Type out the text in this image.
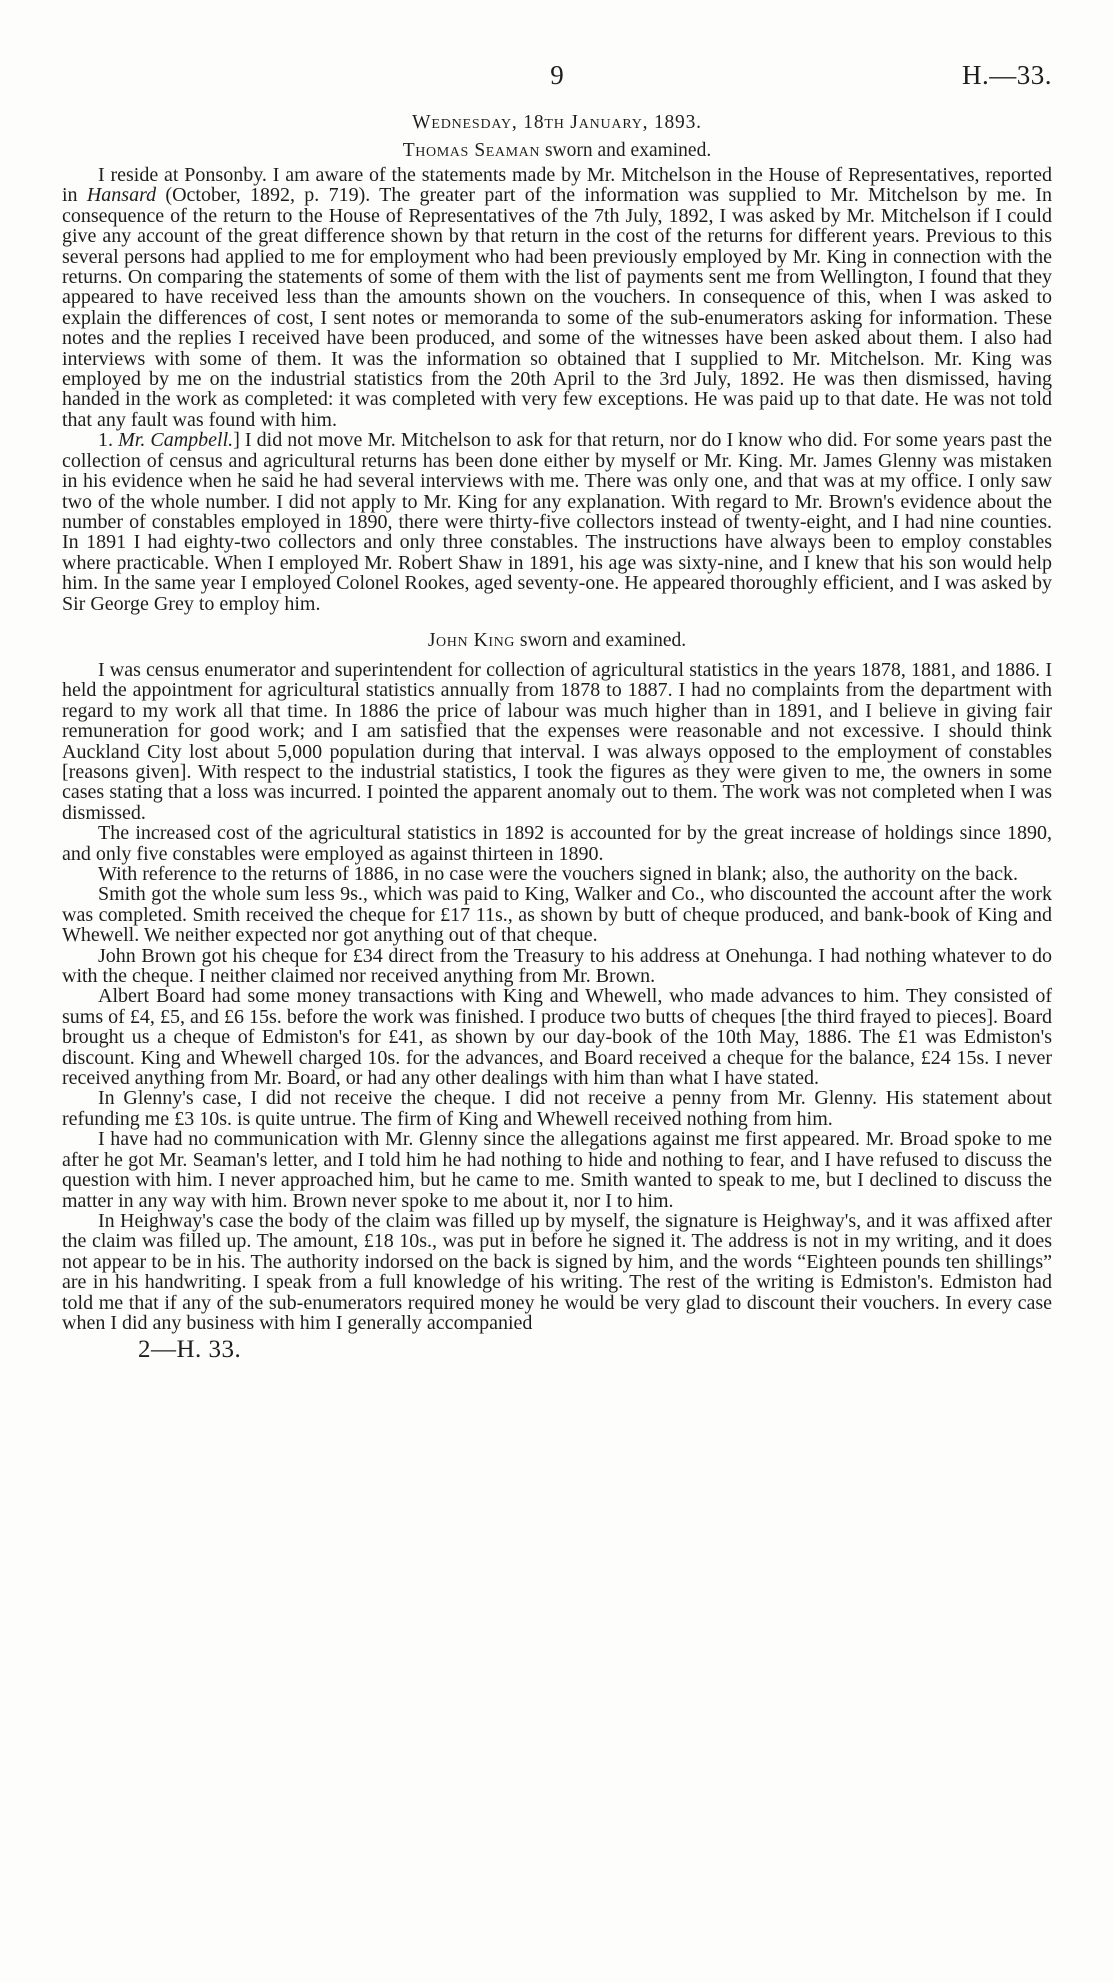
9	H.—33.
Wednesday, 18th January, 1893.
Thomas Seaman sworn and examined.

I reside at Ponsonby. I am aware of the statements made by Mr. Mitchelson in the House of Representatives, reported in Hansard (October, 1892, p. 719). The greater part of the information was supplied to Mr. Mitchelson by me. In consequence of the return to the House of Representatives of the 7th July, 1892, I was asked by Mr. Mitchelson if I could give any account of the great difference shown by that return in the cost of the returns for different years. Previous to this several persons had applied to me for employment who had been previously employed by Mr. King in connection with the returns. On comparing the statements of some of them with the list of payments sent me from Wellington, I found that they appeared to have received less than the amounts shown on the vouchers. In consequence of this, when I was asked to explain the differences of cost, I sent notes or memoranda to some of the sub-enumerators asking for information. These notes and the replies I received have been produced, and some of the witnesses have been asked about them. I also had interviews with some of them. It was the information so obtained that I supplied to Mr. Mitchelson. Mr. King was employed by me on the industrial statistics from the 20th April to the 3rd July, 1892. He was then dismissed, having handed in the work as completed: it was completed with very few exceptions. He was paid up to that date. He was not told that any fault was found with him.

1. Mr. Campbell.] I did not move Mr. Mitchelson to ask for that return, nor do I know who did. For some years past the collection of census and agricultural returns has been done either by myself or Mr. King. Mr. James Glenny was mistaken in his evidence when he said he had several interviews with me. There was only one, and that was at my office. I only saw two of the whole number. I did not apply to Mr. King for any explanation. With regard to Mr. Brown's evidence about the number of constables employed in 1890, there were thirty-five collectors instead of twenty-eight, and I had nine counties. In 1891 I had eighty-two collectors and only three constables. The instructions have always been to employ constables where practicable. When I employed Mr. Robert Shaw in 1891, his age was sixty-nine, and I knew that his son would help him. In the same year I employed Colonel Rookes, aged seventy-one. He appeared thoroughly efficient, and I was asked by Sir George Grey to employ him.

John King sworn and examined.

I was census enumerator and superintendent for collection of agricultural statistics in the years 1878, 1881, and 1886. I held the appointment for agricultural statistics annually from 1878 to 1887. I had no complaints from the department with regard to my work all that time. In 1886 the price of labour was much higher than in 1891, and I believe in giving fair remuneration for good work; and I am satisfied that the expenses were reasonable and not excessive. I should think Auckland City lost about 5,000 population during that interval. I was always opposed to the employment of constables [reasons given]. With respect to the industrial statistics, I took the figures as they were given to me, the owners in some cases stating that a loss was incurred. I pointed the apparent anomaly out to them. The work was not completed when I was dismissed.

The increased cost of the agricultural statistics in 1892 is accounted for by the great increase of holdings since 1890, and only five constables were employed as against thirteen in 1890.

With reference to the returns of 1886, in no case were the vouchers signed in blank; also, the authority on the back.

Smith got the whole sum less 9s., which was paid to King, Walker and Co., who discounted the account after the work was completed. Smith received the cheque for £17 11s., as shown by butt of cheque produced, and bank-book of King and Whewell. We neither expected nor got anything out of that cheque.

John Brown got his cheque for £34 direct from the Treasury to his address at Onehunga. I had nothing whatever to do with the cheque. I neither claimed nor received anything from Mr. Brown.

Albert Board had some money transactions with King and Whewell, who made advances to him. They consisted of sums of £4, £5, and £6 15s. before the work was finished. I produce two butts of cheques [the third frayed to pieces]. Board brought us a cheque of Edmiston's for £41, as shown by our day-book of the 10th May, 1886. The £1 was Edmiston's discount. King and Whewell charged 10s. for the advances, and Board received a cheque for the balance, £24 15s. I never received anything from Mr. Board, or had any other dealings with him than what I have stated.

In Glenny's case, I did not receive the cheque. I did not receive a penny from Mr. Glenny. His statement about refunding me £3 10s. is quite untrue. The firm of King and Whewell received nothing from him.

I have had no communication with Mr. Glenny since the allegations against me first appeared. Mr. Broad spoke to me after he got Mr. Seaman's letter, and I told him he had nothing to hide and nothing to fear, and I have refused to discuss the question with him. I never approached him, but he came to me. Smith wanted to speak to me, but I declined to discuss the matter in any way with him. Brown never spoke to me about it, nor I to him.

In Heighway's case the body of the claim was filled up by myself, the signature is Heighway's, and it was affixed after the claim was filled up. The amount, £18 10s., was put in before he signed it. The address is not in my writing, and it does not appear to be in his. The authority indorsed on the back is signed by him, and the words “Eighteen pounds ten shillings” are in his handwriting. I speak from a full knowledge of his writing. The rest of the writing is Edmiston's. Edmiston had told me that if any of the sub-enumerators required money he would be very glad to discount their vouchers. In every case when I did any business with him I generally accompanied

2—H. 33.
